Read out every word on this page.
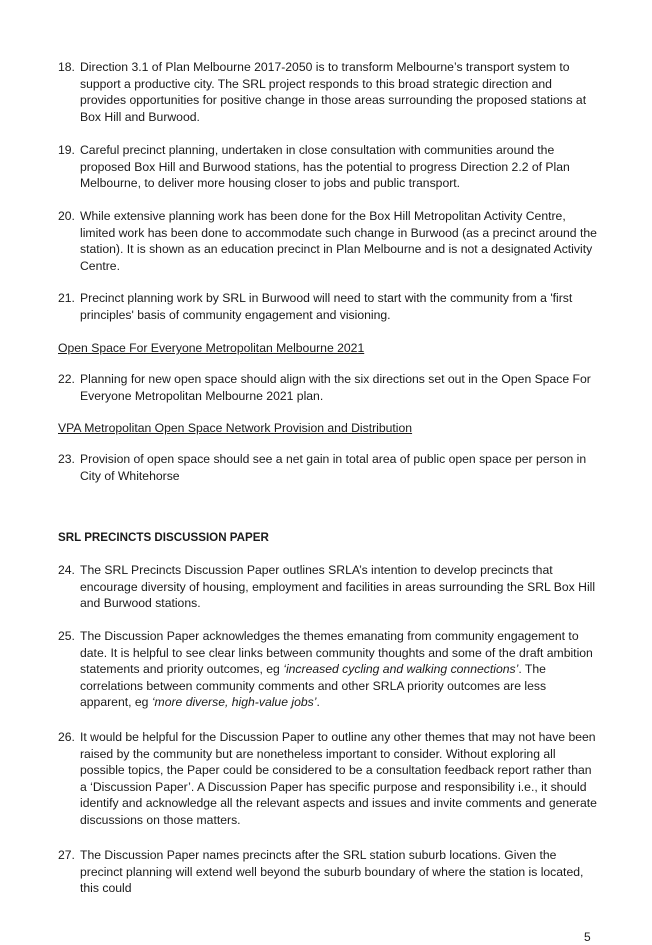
18. Direction 3.1 of Plan Melbourne 2017-2050 is to transform Melbourne’s transport system to support a productive city. The SRL project responds to this broad strategic direction and provides opportunities for positive change in those areas surrounding the proposed stations at Box Hill and Burwood.
19. Careful precinct planning, undertaken in close consultation with communities around the proposed Box Hill and Burwood stations, has the potential to progress Direction 2.2 of Plan Melbourne, to deliver more housing closer to jobs and public transport.
20. While extensive planning work has been done for the Box Hill Metropolitan Activity Centre, limited work has been done to accommodate such change in Burwood (as a precinct around the station). It is shown as an education precinct in Plan Melbourne and is not a designated Activity Centre.
21. Precinct planning work by SRL in Burwood will need to start with the community from a 'first principles' basis of community engagement and visioning.
Open Space For Everyone Metropolitan Melbourne 2021
22. Planning for new open space should align with the six directions set out in the Open Space For Everyone Metropolitan Melbourne 2021 plan.
VPA Metropolitan Open Space Network Provision and Distribution
23. Provision of open space should see a net gain in total area of public open space per person in City of Whitehorse
SRL PRECINCTS DISCUSSION PAPER
24. The SRL Precincts Discussion Paper outlines SRLA’s intention to develop precincts that encourage diversity of housing, employment and facilities in areas surrounding the SRL Box Hill and Burwood stations.
25. The Discussion Paper acknowledges the themes emanating from community engagement to date. It is helpful to see clear links between community thoughts and some of the draft ambition statements and priority outcomes, eg ‘increased cycling and walking connections’. The correlations between community comments and other SRLA priority outcomes are less apparent, eg ‘more diverse, high-value jobs’.
26. It would be helpful for the Discussion Paper to outline any other themes that may not have been raised by the community but are nonetheless important to consider. Without exploring all possible topics, the Paper could be considered to be a consultation feedback report rather than a ‘Discussion Paper’. A Discussion Paper has specific purpose and responsibility i.e., it should identify and acknowledge all the relevant aspects and issues and invite comments and generate discussions on those matters.
27. The Discussion Paper names precincts after the SRL station suburb locations. Given the precinct planning will extend well beyond the suburb boundary of where the station is located, this could
5
